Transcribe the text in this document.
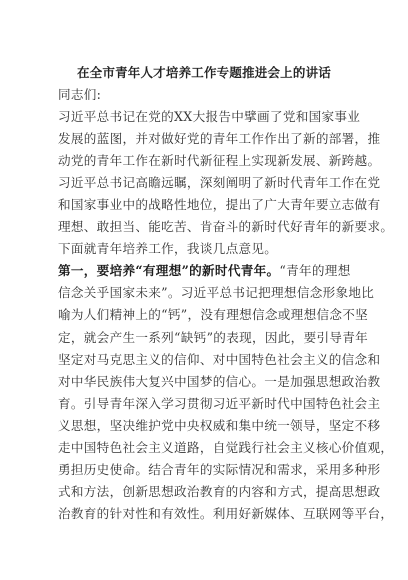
在全市青年人才培养工作专题推进会上的讲话
同志们:
习近平总书记在党的XX大报告中擘画了党和国家事业
发展的蓝图，并对做好党的青年工作作出了新的部署，推
动党的青年工作在新时代新征程上实现新发展、新跨越。
习近平总书记高瞻远瞩，深刻阐明了新时代青年工作在党
和国家事业中的战略性地位，提出了广大青年要立志做有
理想、敢担当、能吃苦、肯奋斗的新时代好青年的新要求。
下面就青年培养工作，我谈几点意见。
第一，要培养“有理想”的新时代青年。“青年的理想
信念关乎国家未来”。习近平总书记把理想信念形象地比
喻为人们精神上的“钙”，没有理想信念或理想信念不坚
定，就会产生一系列“缺钙”的表现，因此，要引导青年
坚定对马克思主义的信仰、对中国特色社会主义的信念和
对中华民族伟大复兴中国梦的信心。一是加强思想政治教
育。引导青年深入学习贯彻习近平新时代中国特色社会主
义思想，坚决维护党中央权威和集中统一领导，坚定不移
走中国特色社会主义道路，自觉践行社会主义核心价值观，
勇担历史使命。结合青年的实际情况和需求，采用多种形
式和方法，创新思想政治教育的内容和方式，提高思想政
治教育的针对性和有效性。利用好新媒体、互联网等平台，
